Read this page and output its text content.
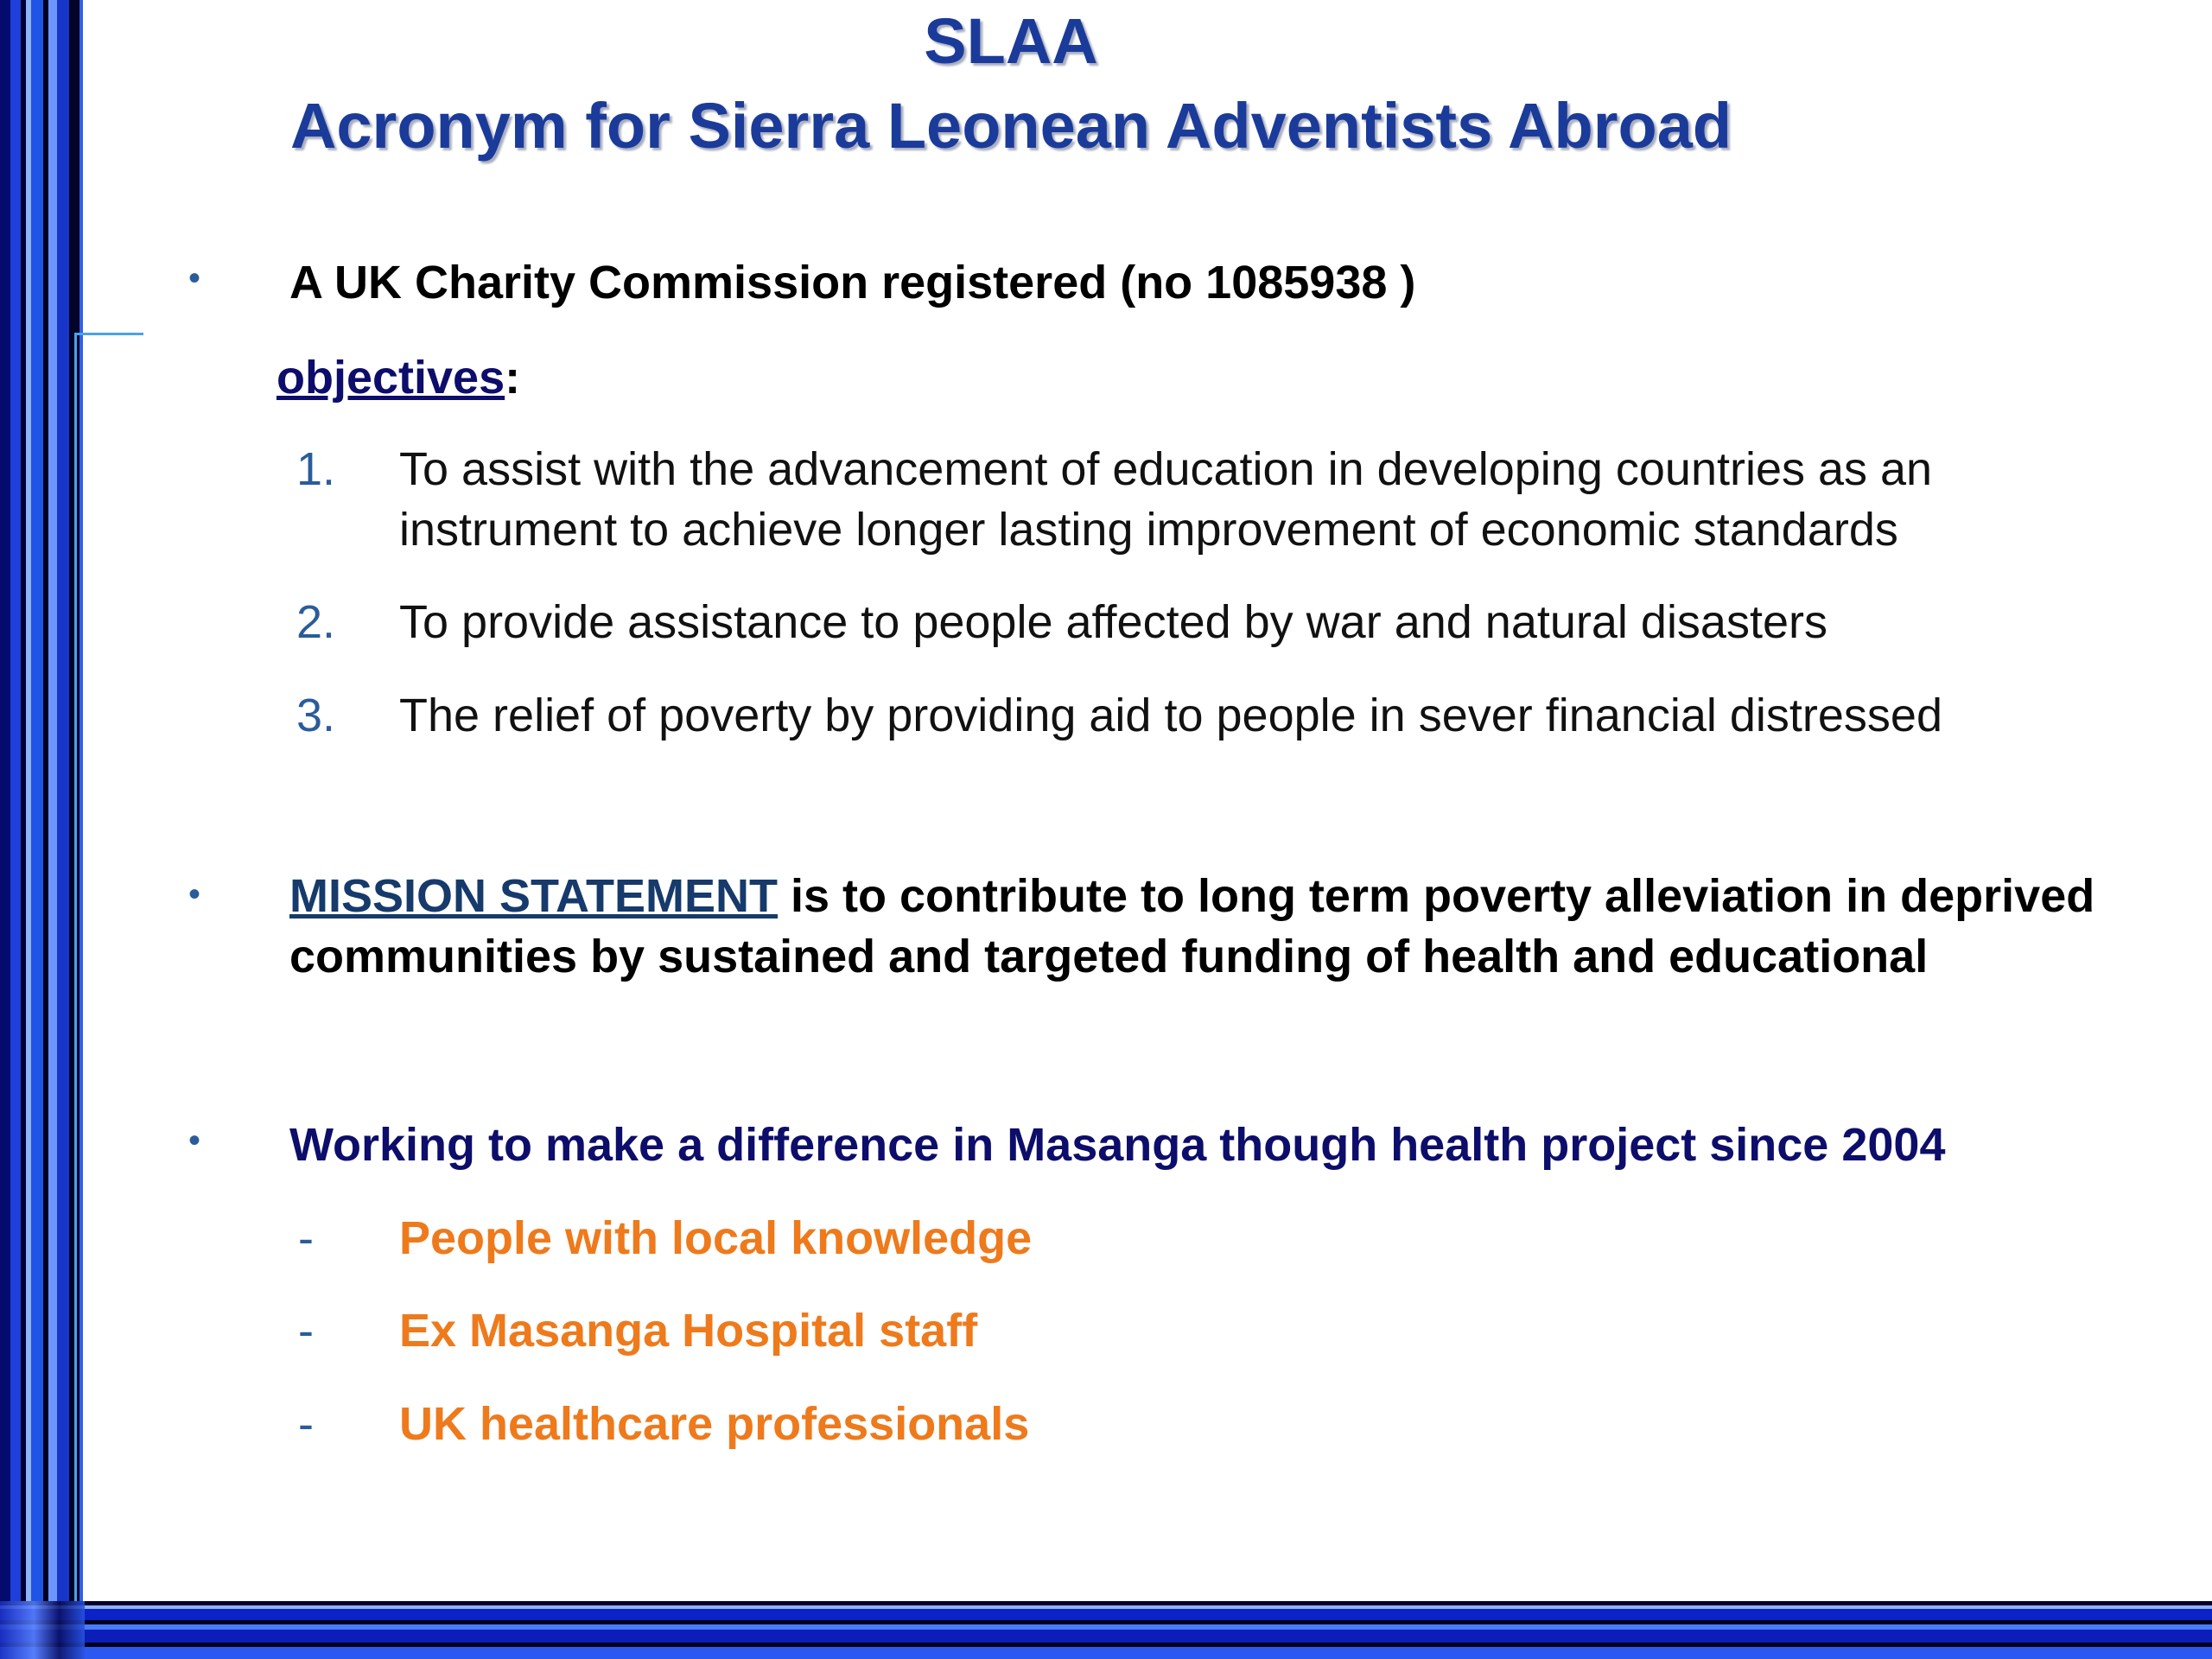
SLAA
Acronym for Sierra Leonean Adventists Abroad
• A UK Charity Commission registered (no 1085938 )
objectives:
1. To assist with the advancement of education in developing countries as an
instrument to achieve longer lasting improvement of economic standards
2. To provide assistance to people affected by war and natural disasters
3. The relief of poverty by providing aid to people in sever financial distressed
• MISSION STATEMENT is to contribute to long term poverty alleviation in deprived
communities by sustained and targeted funding of health and educational
• Working to make a difference in Masanga though health project since 2004
- People with local knowledge
- Ex Masanga Hospital staff
- UK healthcare professionals
